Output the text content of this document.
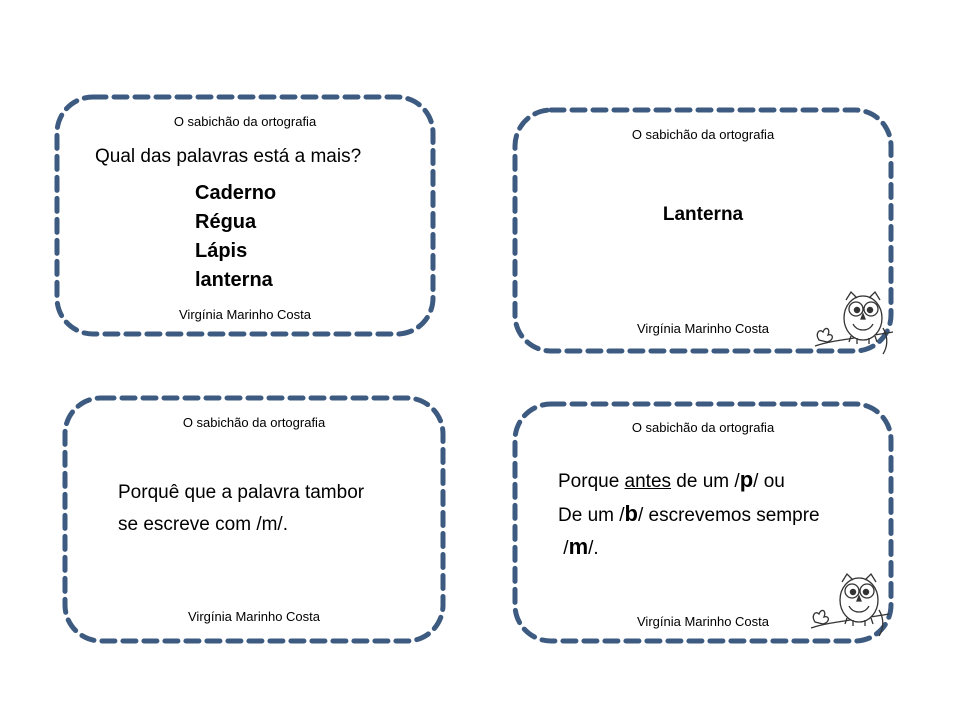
O sabichão da ortografia
Qual das palavras está a mais?
Caderno
Régua
Lápis
lanterna
Virgínia Marinho Costa
O sabichão da ortografia
Lanterna
Virgínia Marinho Costa
O sabichão da ortografia
Porquê que a palavra tambor
se escreve com /m/.
Virgínia Marinho Costa
O sabichão da ortografia
Porque antes de um /p/ ou
De um /b/ escrevemos sempre
/m/.
Virgínia Marinho Costa
